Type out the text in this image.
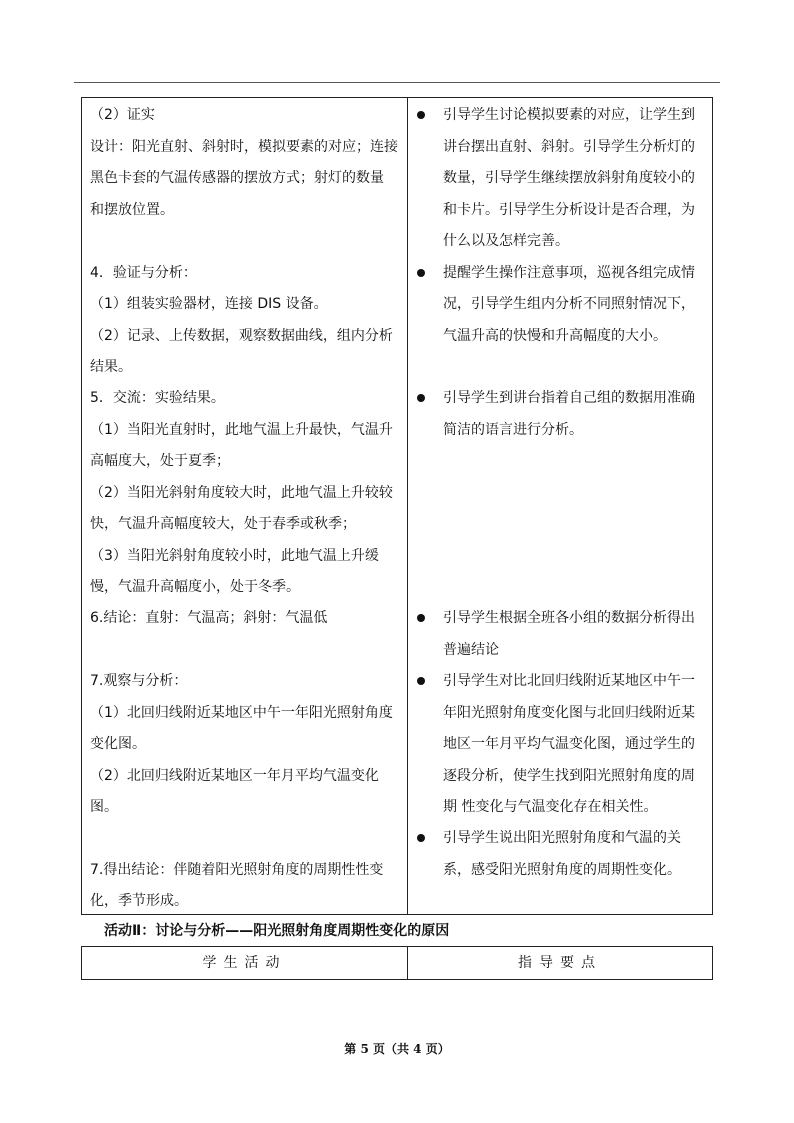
（2）证实
设计：阳光直射、斜射时，模拟要素的对应；连接
黑色卡套的气温传感器的摆放方式；射灯的数量
和摆放位置。
4．验证与分析：
（1）组装实验器材，连接 DIS 设备。
（2）记录、上传数据，观察数据曲线，组内分析
结果。
5．交流：实验结果。
（1）当阳光直射时，此地气温上升最快，气温升
高幅度大，处于夏季；
（2）当阳光斜射角度较大时，此地气温上升较较
快，气温升高幅度较大，处于春季或秋季；
（3）当阳光斜射角度较小时，此地气温上升缓
慢，气温升高幅度小，处于冬季。
6.结论：直射：气温高；斜射：气温低
7.观察与分析：
（1）北回归线附近某地区中午一年阳光照射角度
变化图。
（2）北回归线附近某地区一年月平均气温变化
图。
7.得出结论：伴随着阳光照射角度的周期性性变
化，季节形成。
引导学生讨论模拟要素的对应，让学生到
讲台摆出直射、斜射。引导学生分析灯的
数量，引导学生继续摆放斜射角度较小的
和卡片。引导学生分析设计是否合理，为
什么以及怎样完善。
提醒学生操作注意事项，巡视各组完成情
况，引导学生组内分析不同照射情况下，
气温升高的快慢和升高幅度的大小。
引导学生到讲台指着自己组的数据用准确
简洁的语言进行分析。
引导学生根据全班各小组的数据分析得出
普遍结论
引导学生对比北回归线附近某地区中午一
年阳光照射角度变化图与北回归线附近某
地区一年月平均气温变化图，通过学生的
逐段分析，使学生找到阳光照射角度的周
期 性变化与气温变化存在相关性。
引导学生说出阳光照射角度和气温的关
系，感受阳光照射角度的周期性变化。
活动Ⅱ：讨论与分析——阳光照射角度周期性变化的原因
学生活动	指导要点
第 5 页（共 4 页）
